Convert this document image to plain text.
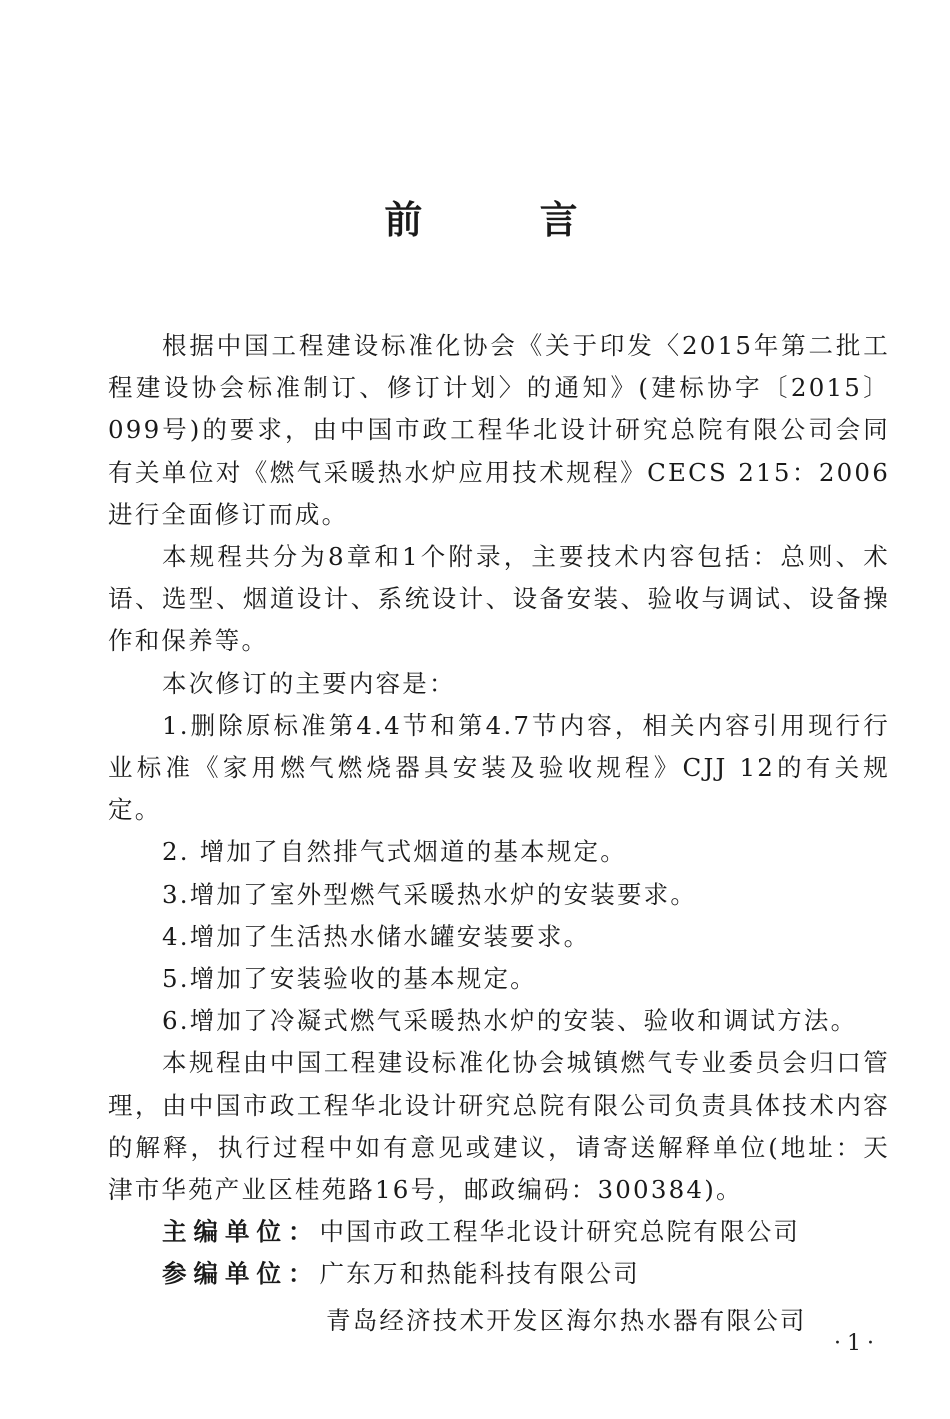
前 言

根据中国工程建设标准化协会《关于印发〈2015年第二批工程建设协会标准制订、修订计划〉的通知》(建标协字〔2015〕099号)的要求，由中国市政工程华北设计研究总院有限公司会同有关单位对《燃气采暖热水炉应用技术规程》CECS 215：2006进行全面修订而成。

本规程共分为8章和1个附录，主要技术内容包括：总则、术语、选型、烟道设计、系统设计、设备安装、验收与调试、设备操作和保养等。

本次修订的主要内容是：

1.删除原标准第4.4节和第4.7节内容，相关内容引用现行行业标准《家用燃气燃烧器具安装及验收规程》CJJ 12的有关规定。

2. 增加了自然排气式烟道的基本规定。

3.增加了室外型燃气采暖热水炉的安装要求。

4.增加了生活热水储水罐安装要求。

5.增加了安装验收的基本规定。

6.增加了冷凝式燃气采暖热水炉的安装、验收和调试方法。

本规程由中国工程建设标准化协会城镇燃气专业委员会归口管理，由中国市政工程华北设计研究总院有限公司负责具体技术内容的解释，执行过程中如有意见或建议，请寄送解释单位(地址：天津市华苑产业区桂苑路16号，邮政编码：300384)。

主编单位： 中国市政工程华北设计研究总院有限公司

参编单位： 广东万和热能科技有限公司

青岛经济技术开发区海尔热水器有限公司

·1·
